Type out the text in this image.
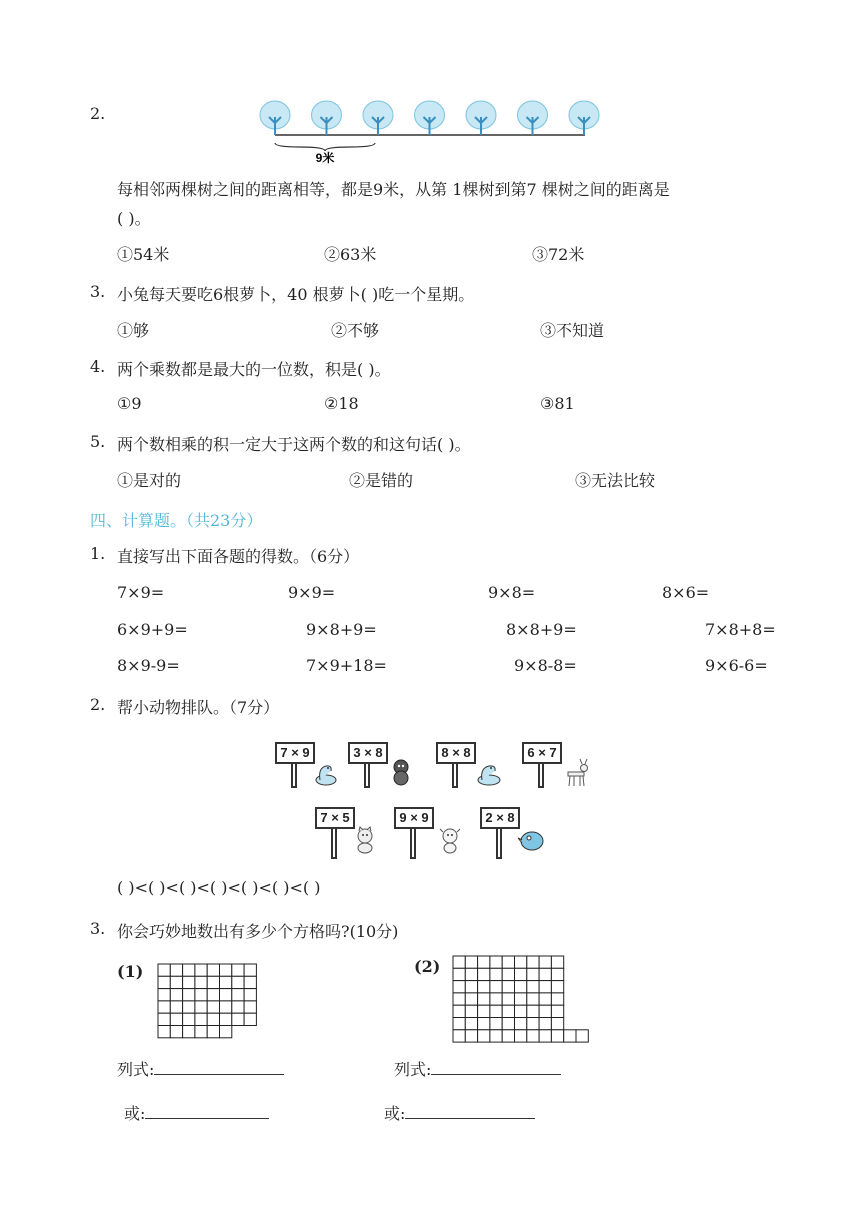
2.
9米
每相邻两棵树之间的距离相等，都是9米，从第 1棵树到第7 棵树之间的距离是
( )。
①54米	②63米	③72米
3. 小兔每天要吃6根萝卜，40 根萝卜( )吃一个星期。
①够	②不够	③不知道
4. 两个乘数都是最大的一位数，积是( )。
①9	②18	③81
5. 两个数相乘的积一定大于这两个数的和这句话( )。
①是对的	②是错的	③无法比较
四、计算题。（共23分）
1. 直接写出下面各题的得数。（6分）
7×9=	9×9=	9×8=	8×6=
6×9+9=	9×8+9=	8×8+9=	7×8+8=
8×9-9=	7×9+18=	9×8-8=	9×6-6=
2. 帮小动物排队。（7分）
7 × 9	3 × 8	8 × 8	6 × 7
7 × 5	9 × 9	2 × 8
( )<( )<( )<( )<( )<( )<( )
3. 你会巧妙地数出有多少个方格吗?(10分)
(1)	(2)
列式:	列式:
或:	或:
